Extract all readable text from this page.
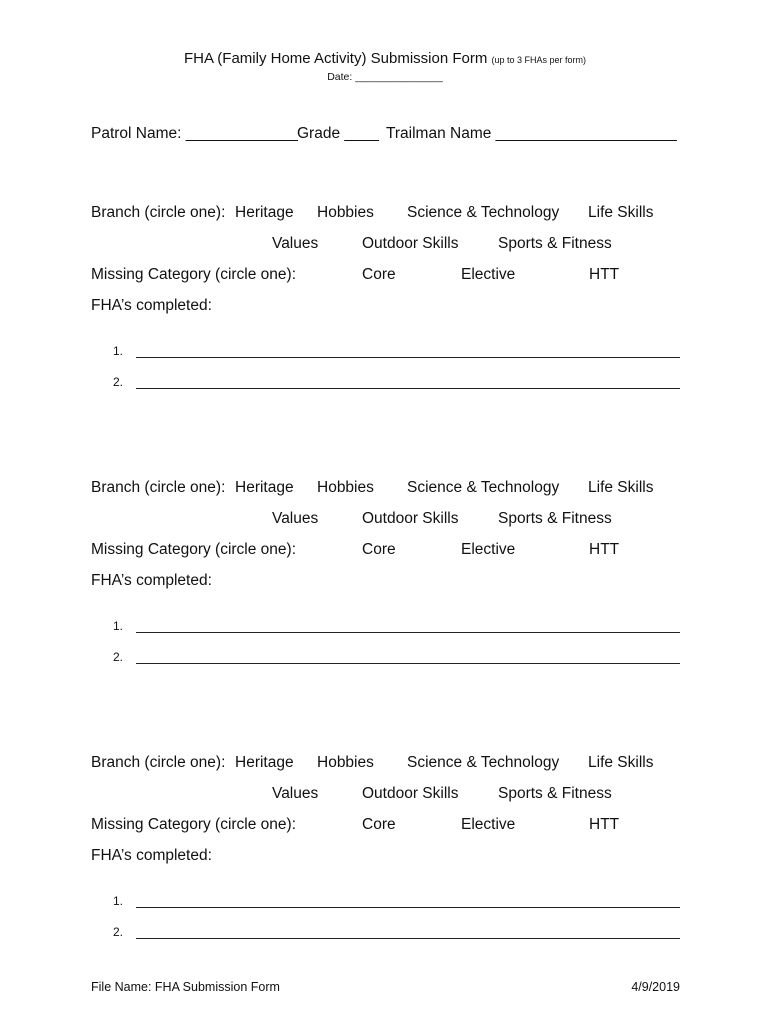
FHA (Family Home Activity) Submission Form (up to 3 FHAs per form)
Date: _______________
Patrol Name: _____________ Grade ____ Trailman Name _____________________
Branch (circle one): Heritage Hobbies Science & Technology Life Skills
Values	Outdoor Skills	Sports & Fitness
Missing Category (circle one):	Core	Elective	HTT
FHA’s completed:
1.
2.
Branch (circle one): Heritage Hobbies Science & Technology Life Skills
Values	Outdoor Skills	Sports & Fitness
Missing Category (circle one):	Core	Elective	HTT
FHA’s completed:
1.
2.
Branch (circle one): Heritage Hobbies Science & Technology Life Skills
Values	Outdoor Skills	Sports & Fitness
Missing Category (circle one):	Core	Elective	HTT
FHA’s completed:
1.
2.
File Name: FHA Submission Form	4/9/2019
